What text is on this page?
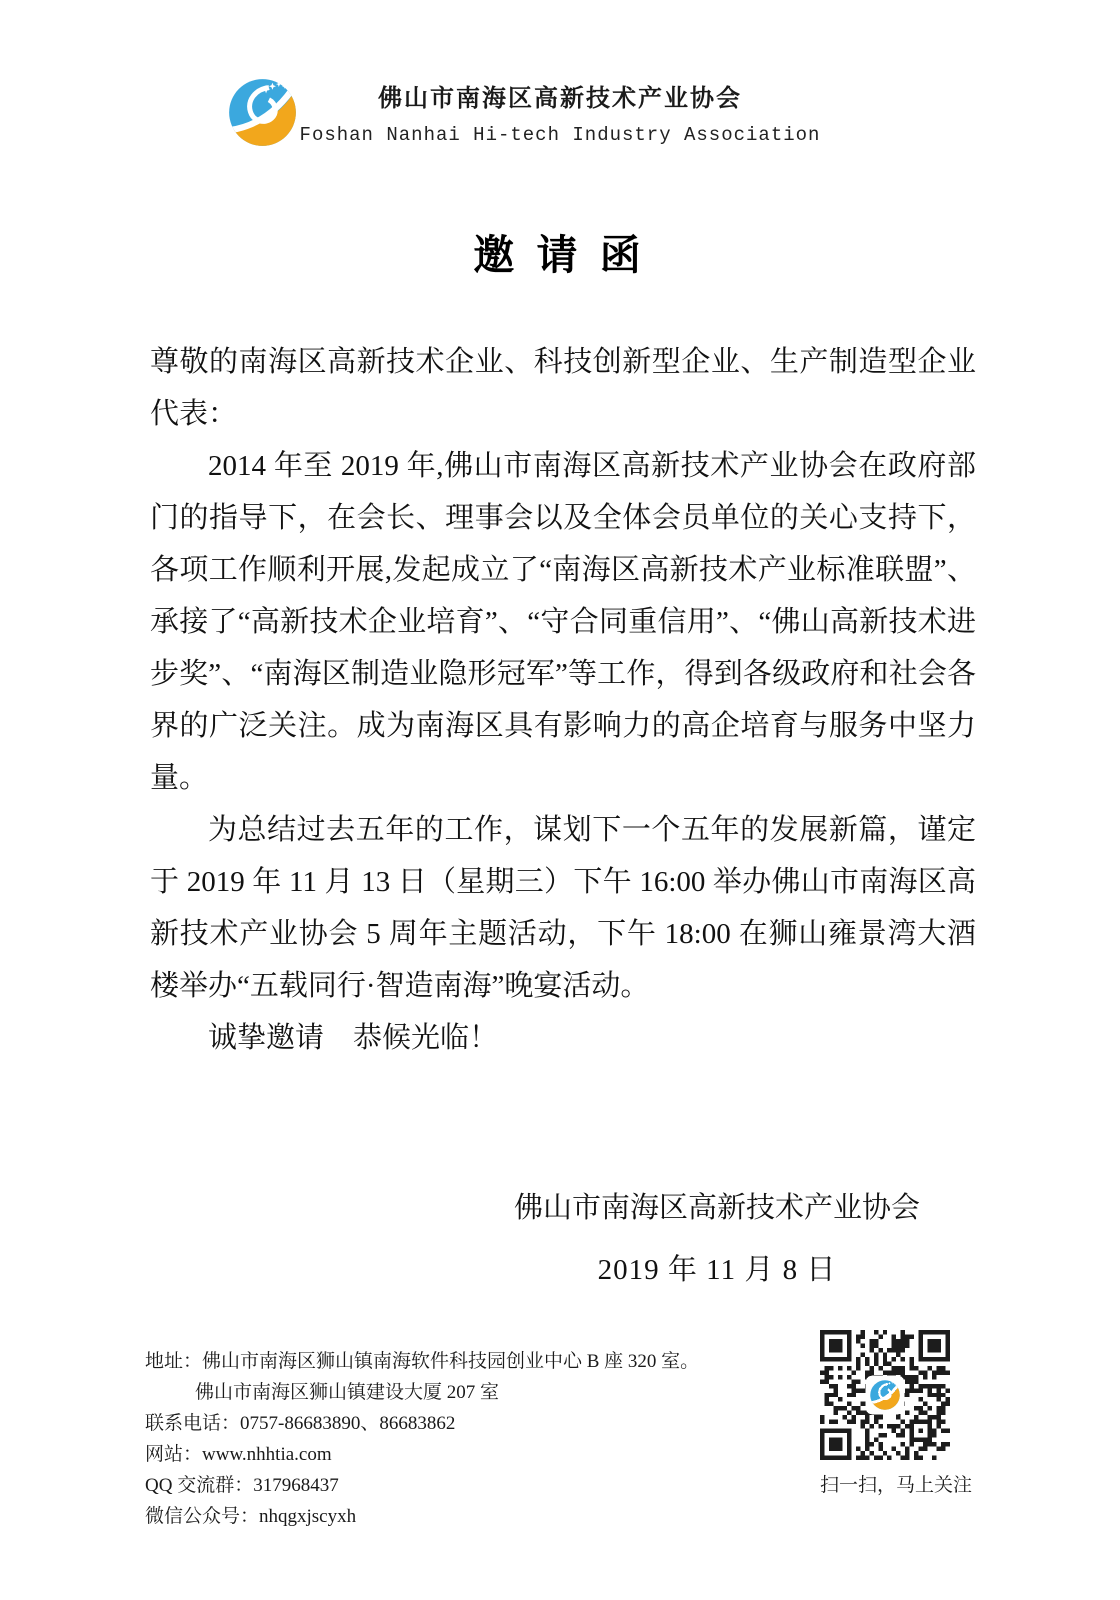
佛山市南海区高新技术产业协会
Foshan Nanhai Hi-tech Industry Association
邀 请 函

尊敬的南海区高新技术企业、科技创新型企业、生产制造型企业代表：

2014 年至 2019 年,佛山市南海区高新技术产业协会在政府部门的指导下，在会长、理事会以及全体会员单位的关心支持下，各项工作顺利开展,发起成立了“南海区高新技术产业标准联盟”、承接了“高新技术企业培育”、“守合同重信用”、“佛山高新技术进步奖”、“南海区制造业隐形冠军”等工作，得到各级政府和社会各界的广泛关注。成为南海区具有影响力的高企培育与服务中坚力量。

为总结过去五年的工作，谋划下一个五年的发展新篇，谨定于 2019 年 11 月 13 日（星期三）下午 16:00 举办佛山市南海区高新技术产业协会 5 周年主题活动，下午 18:00 在狮山雍景湾大酒楼举办“五载同行·智造南海”晚宴活动。

诚挚邀请　恭候光临！

佛山市南海区高新技术产业协会
2019 年 11 月 8 日
地址：佛山市南海区狮山镇南海软件科技园创业中心 B 座 320 室。
佛山市南海区狮山镇建设大厦 207 室
联系电话：0757-86683890、86683862
网站：www.nhhtia.com
QQ 交流群：317968437
微信公众号：nhqgxjscyxh
扫一扫，马上关注
